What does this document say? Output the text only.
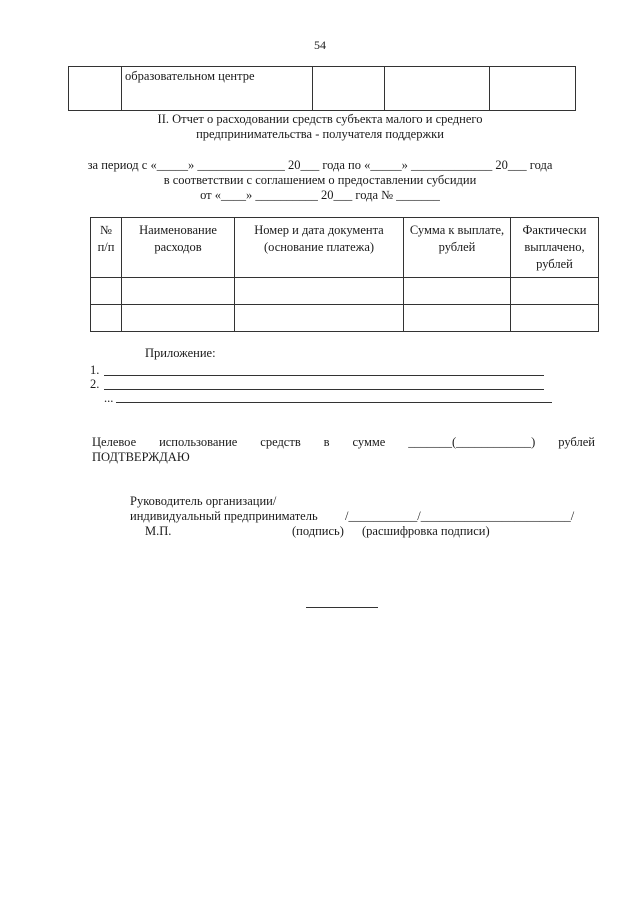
54

образовательном центре

II. Отчет о расходовании средств субъекта малого и среднего
предпринимательства - получателя поддержки
за период с «_____» ______________ 20___ года по «_____» _____________ 20___ года
в соответствии с соглашением о предоставлении субсидии
от «____» __________ 20___ года № _______
№ п/п	Наименование расходов	Номер и дата документа (основание платежа)	Сумма к выплате, рублей	Фактически выплачено, рублей

Приложение:
1.
2.
...
Целевое использование средств в сумме _______(____________) рублей
ПОДТВЕРЖДАЮ
Руководитель организации/
индивидуальный предприниматель /___________/________________________/
М.П.	(подпись) (расшифровка подписи)
